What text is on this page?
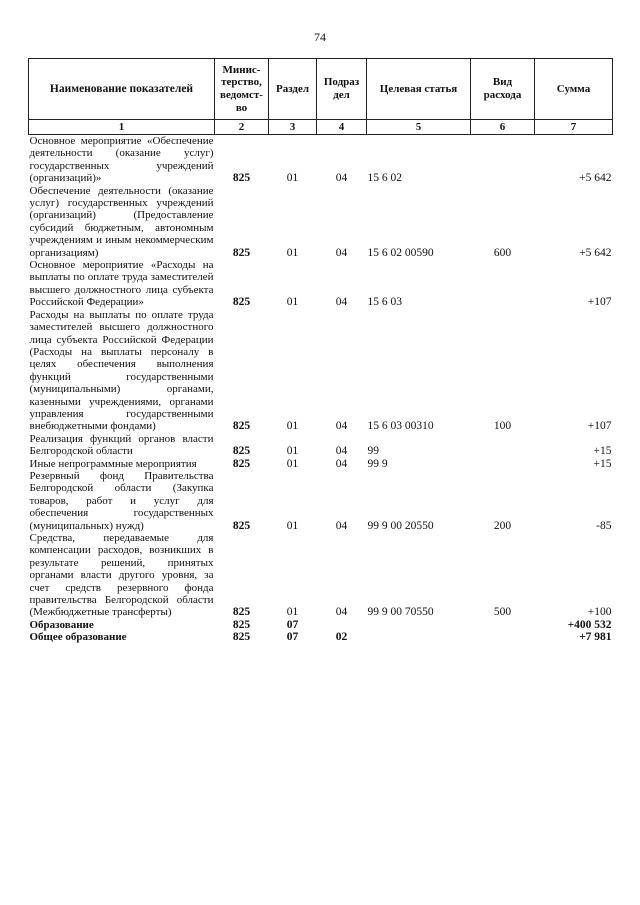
74
Наименование показателей	Минис-терство, ведомст-во	Раздел	Подраз дел	Целевая статья	Вид расхода	Сумма
1	2	3	4	5	6	7
Основное мероприятие «Обеспечение деятельности (оказание услуг) государственных учреждений (организаций)»	825	01	04	15 6 02		+5 642
Обеспечение деятельности (оказание услуг) государственных учреждений (организаций) (Предоставление субсидий бюджетным, автономным учреждениям и иным некоммерческим организациям)	825	01	04	15 6 02 00590	600	+5 642
Основное мероприятие «Расходы на выплаты по оплате труда заместителей высшего должностного лица субъекта Российской Федерации»	825	01	04	15 6 03		+107
Расходы на выплаты по оплате труда заместителей высшего должностного лица субъекта Российской Федерации (Расходы на выплаты персоналу в целях обеспечения выполнения функций государственными (муниципальными) органами, казенными учреждениями, органами управления государственными внебюджетными фондами)	825	01	04	15 6 03 00310	100	+107
Реализация функций органов власти Белгородской области	825	01	04	99		+15
Иные непрограммные мероприятия	825	01	04	99 9		+15
Резервный фонд Правительства Белгородской области (Закупка товаров, работ и услуг для обеспечения государственных (муниципальных) нужд)	825	01	04	99 9 00 20550	200	-85
Средства, передаваемые для компенсации расходов, возникших в результате решений, принятых органами власти другого уровня, за счет средств резервного фонда правительства Белгородской области (Межбюджетные трансферты)	825	01	04	99 9 00 70550	500	+100
Образование	825	07				+400 532
Общее образование	825	07	02			+7 981
